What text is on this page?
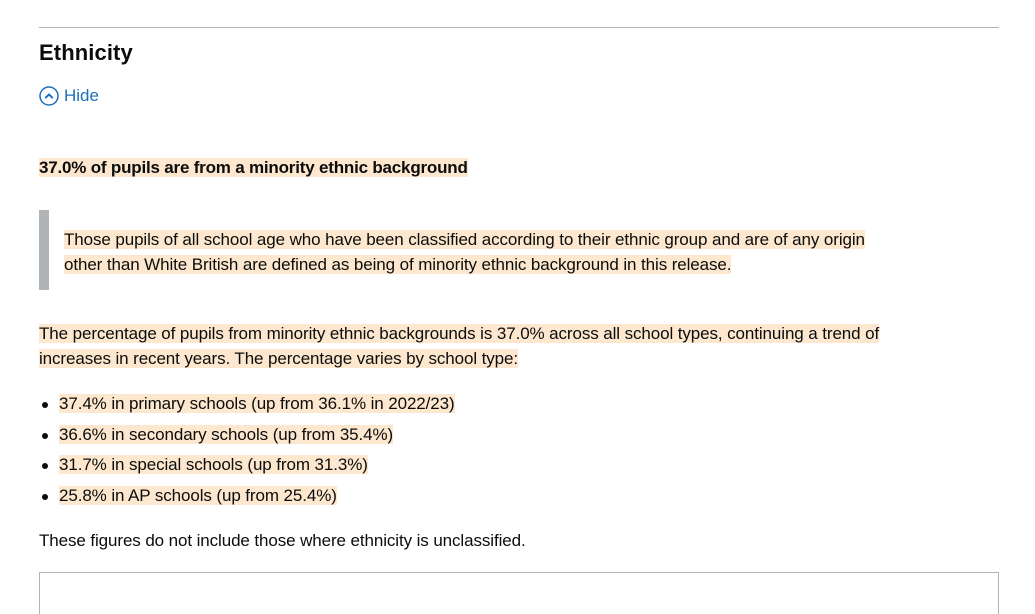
Ethnicity
Hide

37.0% of pupils are from a minority ethnic background

Those pupils of all school age who have been classified according to their ethnic group and are of any origin

other than White British are defined as being of minority ethnic background in this release.

The percentage of pupils from minority ethnic backgrounds is 37.0% across all school types, continuing a trend of
increases in recent years. The percentage varies by school type:

37.4% in primary schools (up from 36.1% in 2022/23)
36.6% in secondary schools (up from 35.4%)
31.7% in special schools (up from 31.3%)
25.8% in AP schools (up from 25.4%)

These figures do not include those where ethnicity is unclassified.
